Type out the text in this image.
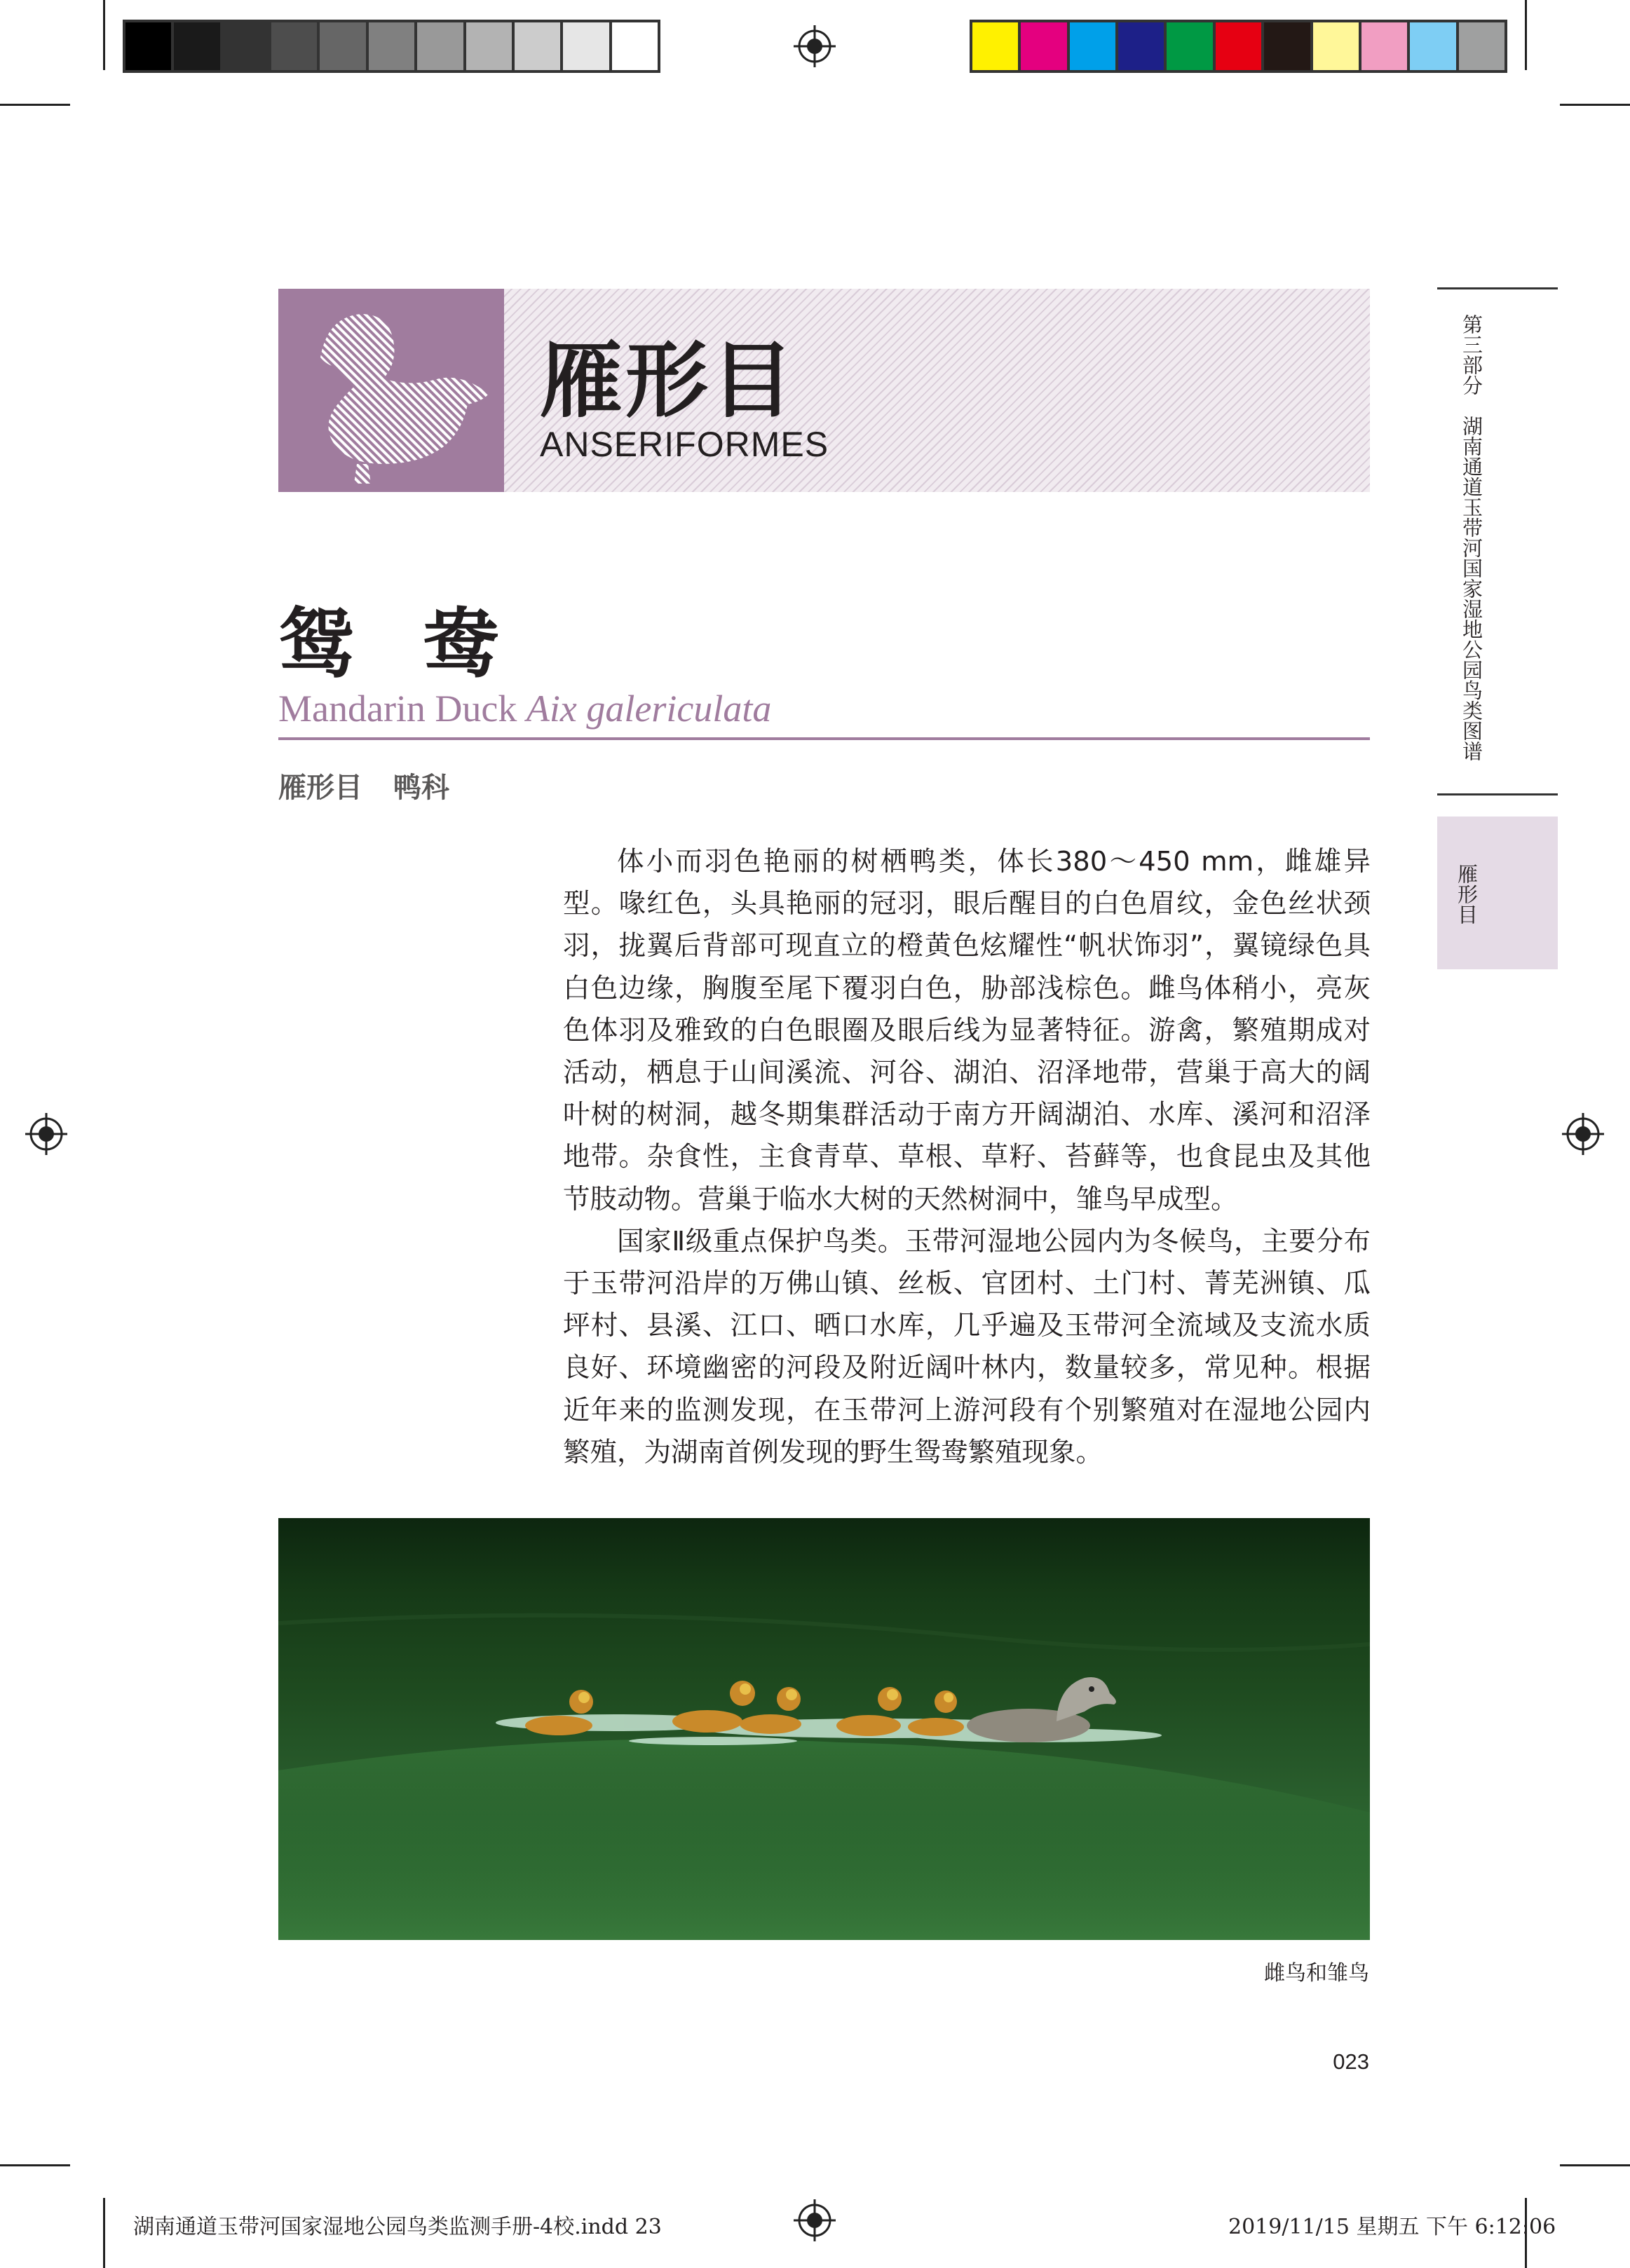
雁形目
ANSERIFORMES	第三部分　湖南通道玉带河国家湿地公园鸟类图谱
雁形目
鸳鸯
Mandarin Duck Aix galericulata
雁形目 鸭科

体小而羽色艳丽的树栖鸭类，体长380～450 mm，雌雄异型。喙红色，头具艳丽的冠羽，眼后醒目的白色眉纹，金色丝状颈羽，拢翼后背部可现直立的橙黄色炫耀性“帆状饰羽”，翼镜绿色具白色边缘，胸腹至尾下覆羽白色，胁部浅棕色。雌鸟体稍小，亮灰色体羽及雅致的白色眼圈及眼后线为显著特征。游禽，繁殖期成对活动，栖息于山间溪流、河谷、湖泊、沼泽地带，营巢于高大的阔叶树的树洞，越冬期集群活动于南方开阔湖泊、水库、溪河和沼泽地带。杂食性，主食青草、草根、草籽、苔藓等，也食昆虫及其他节肢动物。营巢于临水大树的天然树洞中，雏鸟早成型。

国家Ⅱ级重点保护鸟类。玉带河湿地公园内为冬候鸟，主要分布于玉带河沿岸的万佛山镇、丝板、官团村、土门村、菁芜洲镇、瓜坪村、县溪、江口、晒口水库，几乎遍及玉带河全流域及支流水质良好、环境幽密的河段及附近阔叶林内，数量较多，常见种。根据近年来的监测发现，在玉带河上游河段有个别繁殖对在湿地公园内繁殖，为湖南首例发现的野生鸳鸯繁殖现象。

雌鸟和雏鸟
023
湖南通道玉带河国家湿地公园鸟类监测手册-4校.indd 23	2019/11/15 星期五 下午 6:12:06
